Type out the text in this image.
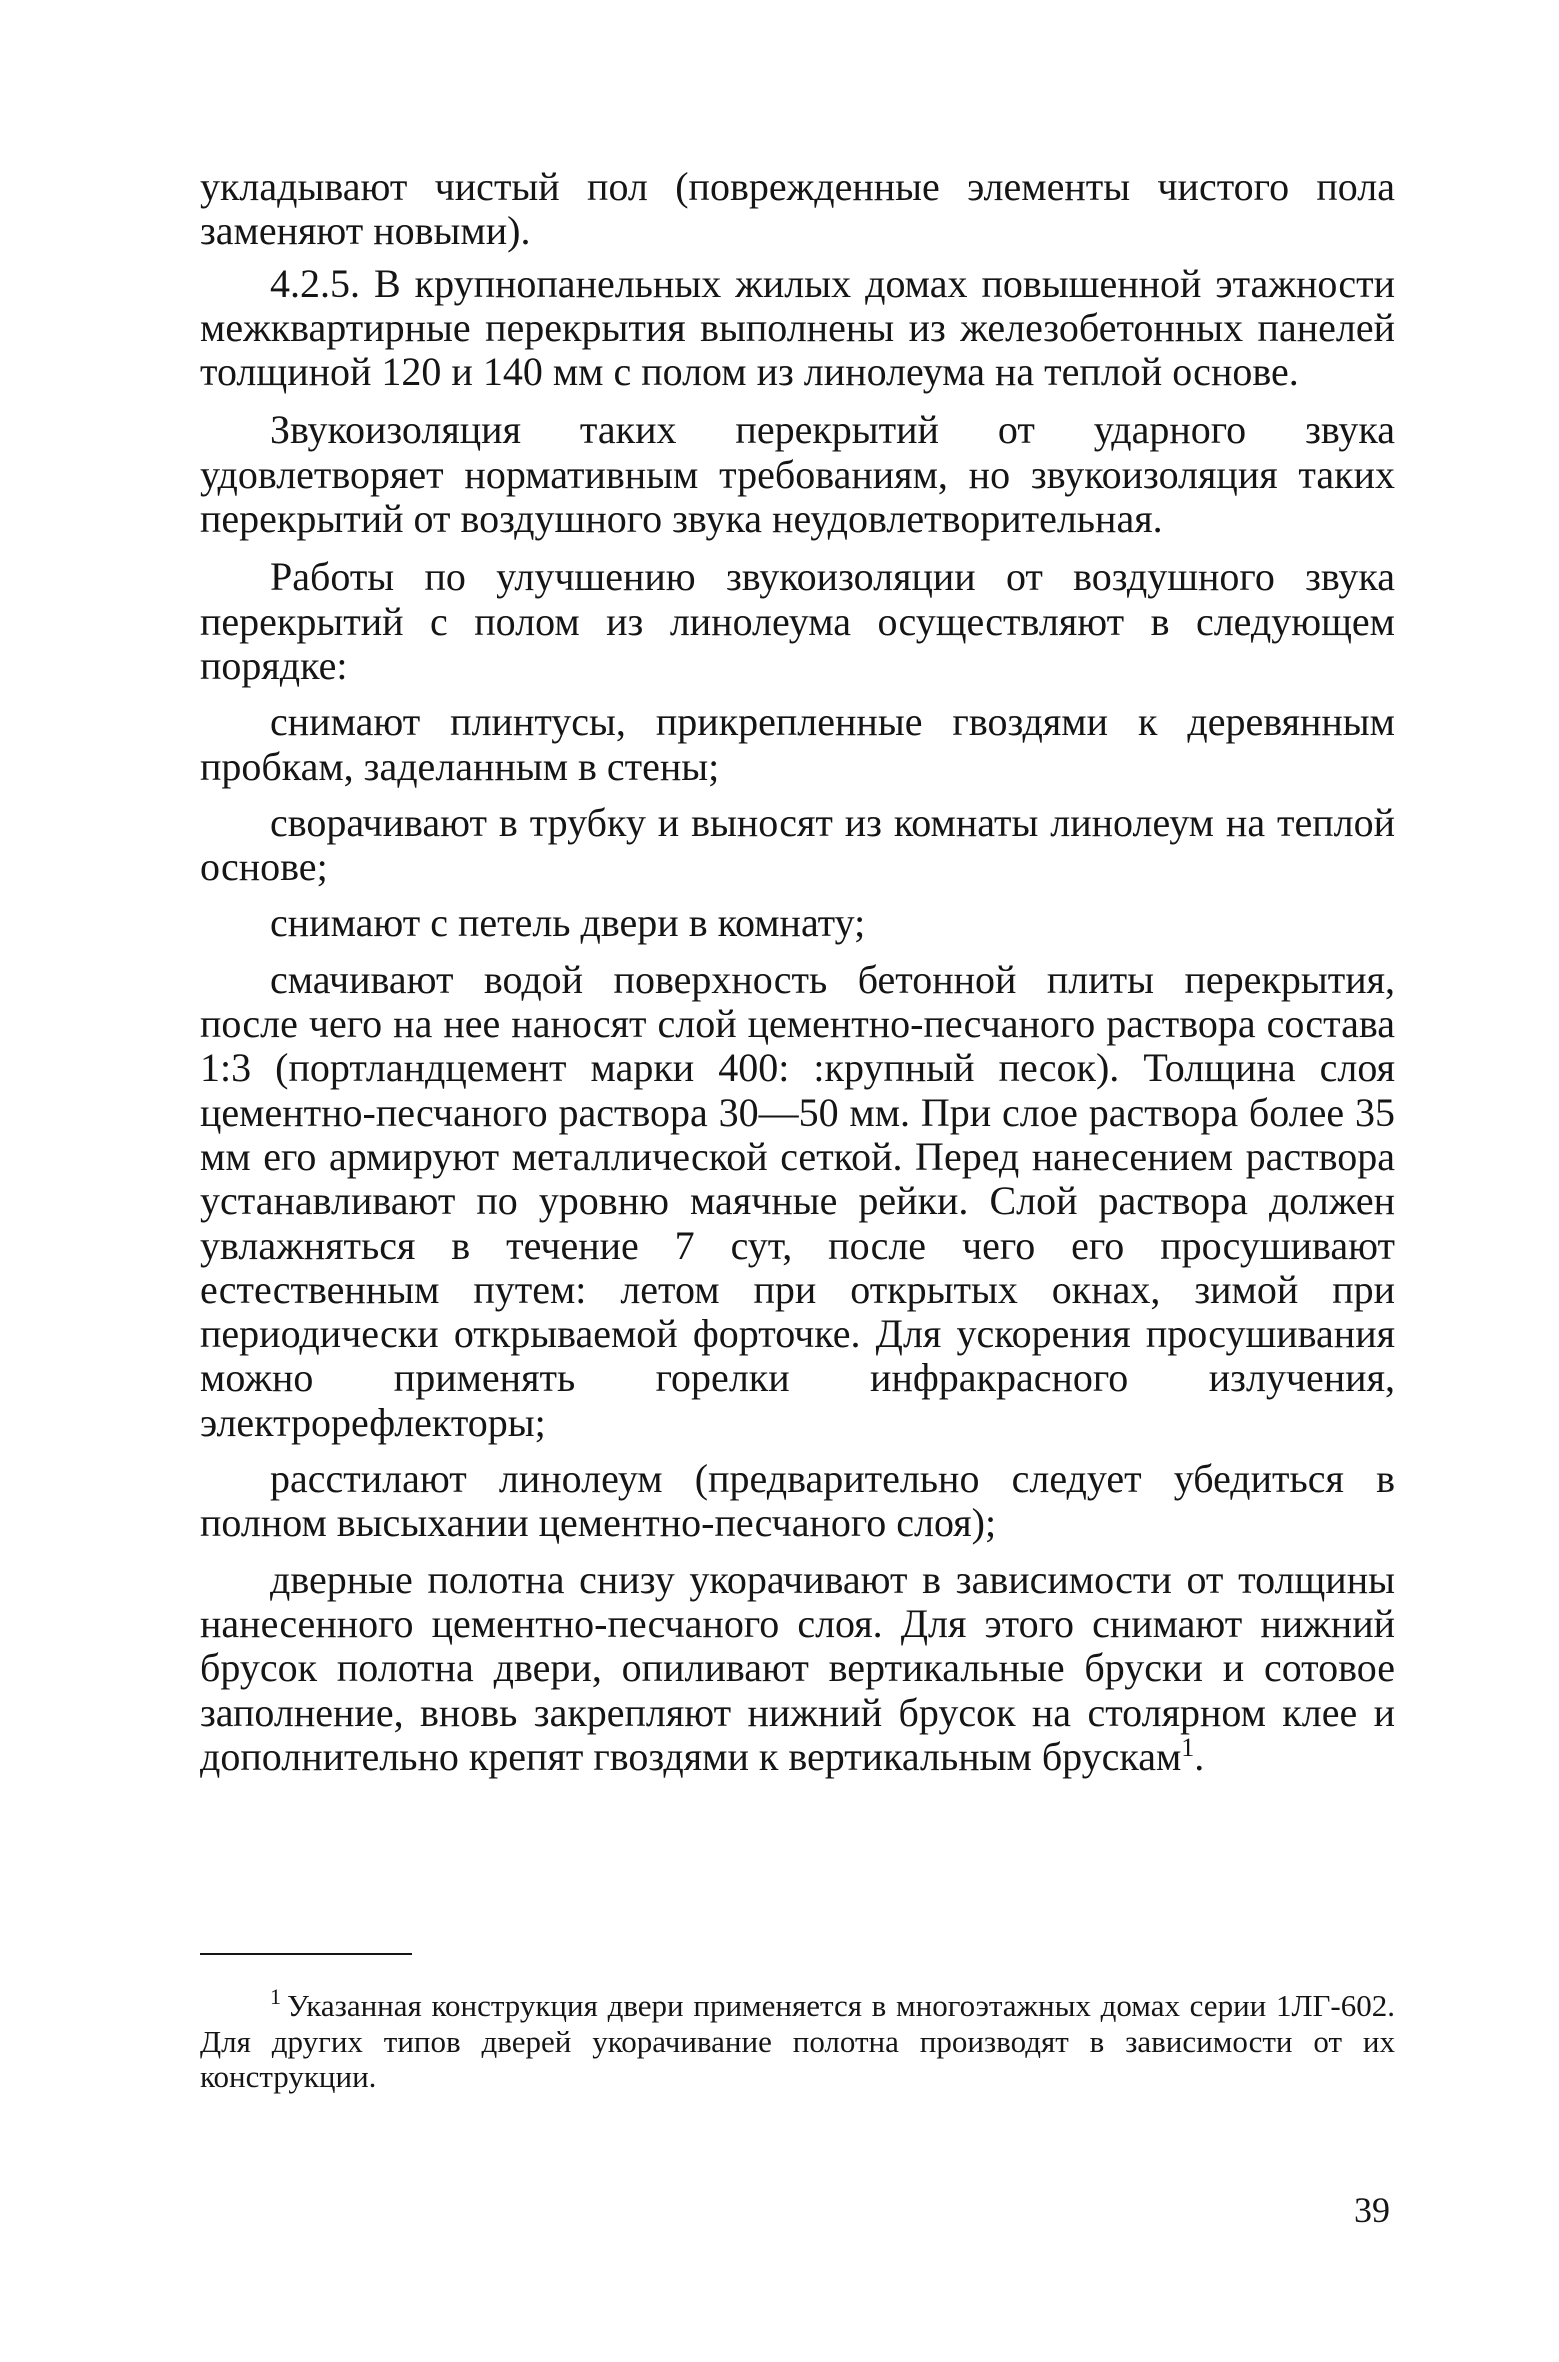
укладывают чистый пол (поврежденные элементы чистого пола заменяют новыми).

4.2.5. В крупнопанельных жилых домах повышенной этажности межквартирные перекрытия выполнены из железобетонных панелей толщиной 120 и 140 мм с полом из линолеума на теплой основе.

Звукоизоляция таких перекрытий от ударного звука удовлетворяет нормативным требованиям, но звукоизоляция таких перекрытий от воздушного звука неудовлетворительная.

Работы по улучшению звукоизоляции от воздушного звука перекрытий с полом из линолеума осуществляют в следующем порядке:

снимают плинтусы, прикрепленные гвоздями к деревянным пробкам, заделанным в стены;

сворачивают в трубку и выносят из комнаты линолеум на теплой основе;

снимают с петель двери в комнату;

смачивают водой поверхность бетонной плиты перекрытия, после чего на нее наносят слой цементно-песчаного раствора состава 1:3 (портландцемент марки 400: :крупный песок). Толщина слоя цементно-песчаного раствора 30—50 мм. При слое раствора более 35 мм его армируют металлической сеткой. Перед нанесением раствора устанавливают по уровню маячные рейки. Слой раствора должен увлажняться в течение 7 сут, после чего его просушивают естественным путем: летом при открытых окнах, зимой при периодически открываемой форточке. Для ускорения просушивания можно применять горелки инфракрасного излучения, электрорефлекторы;

расстилают линолеум (предварительно следует убедиться в полном высыхании цементно-песчаного слоя);

дверные полотна снизу укорачивают в зависимости от толщины нанесенного цементно-песчаного слоя. Для этого снимают нижний брусок полотна двери, опиливают вертикальные бруски и сотовое заполнение, вновь закрепляют нижний брусок на столярном клее и дополнительно крепят гвоздями к вертикальным брускам$^1$.

$^1$ Указанная конструкция двери применяется в многоэтажных домах серии 1ЛГ-602. Для других типов дверей укорачивание полотна производят в зависимости от их конструкции.

39
